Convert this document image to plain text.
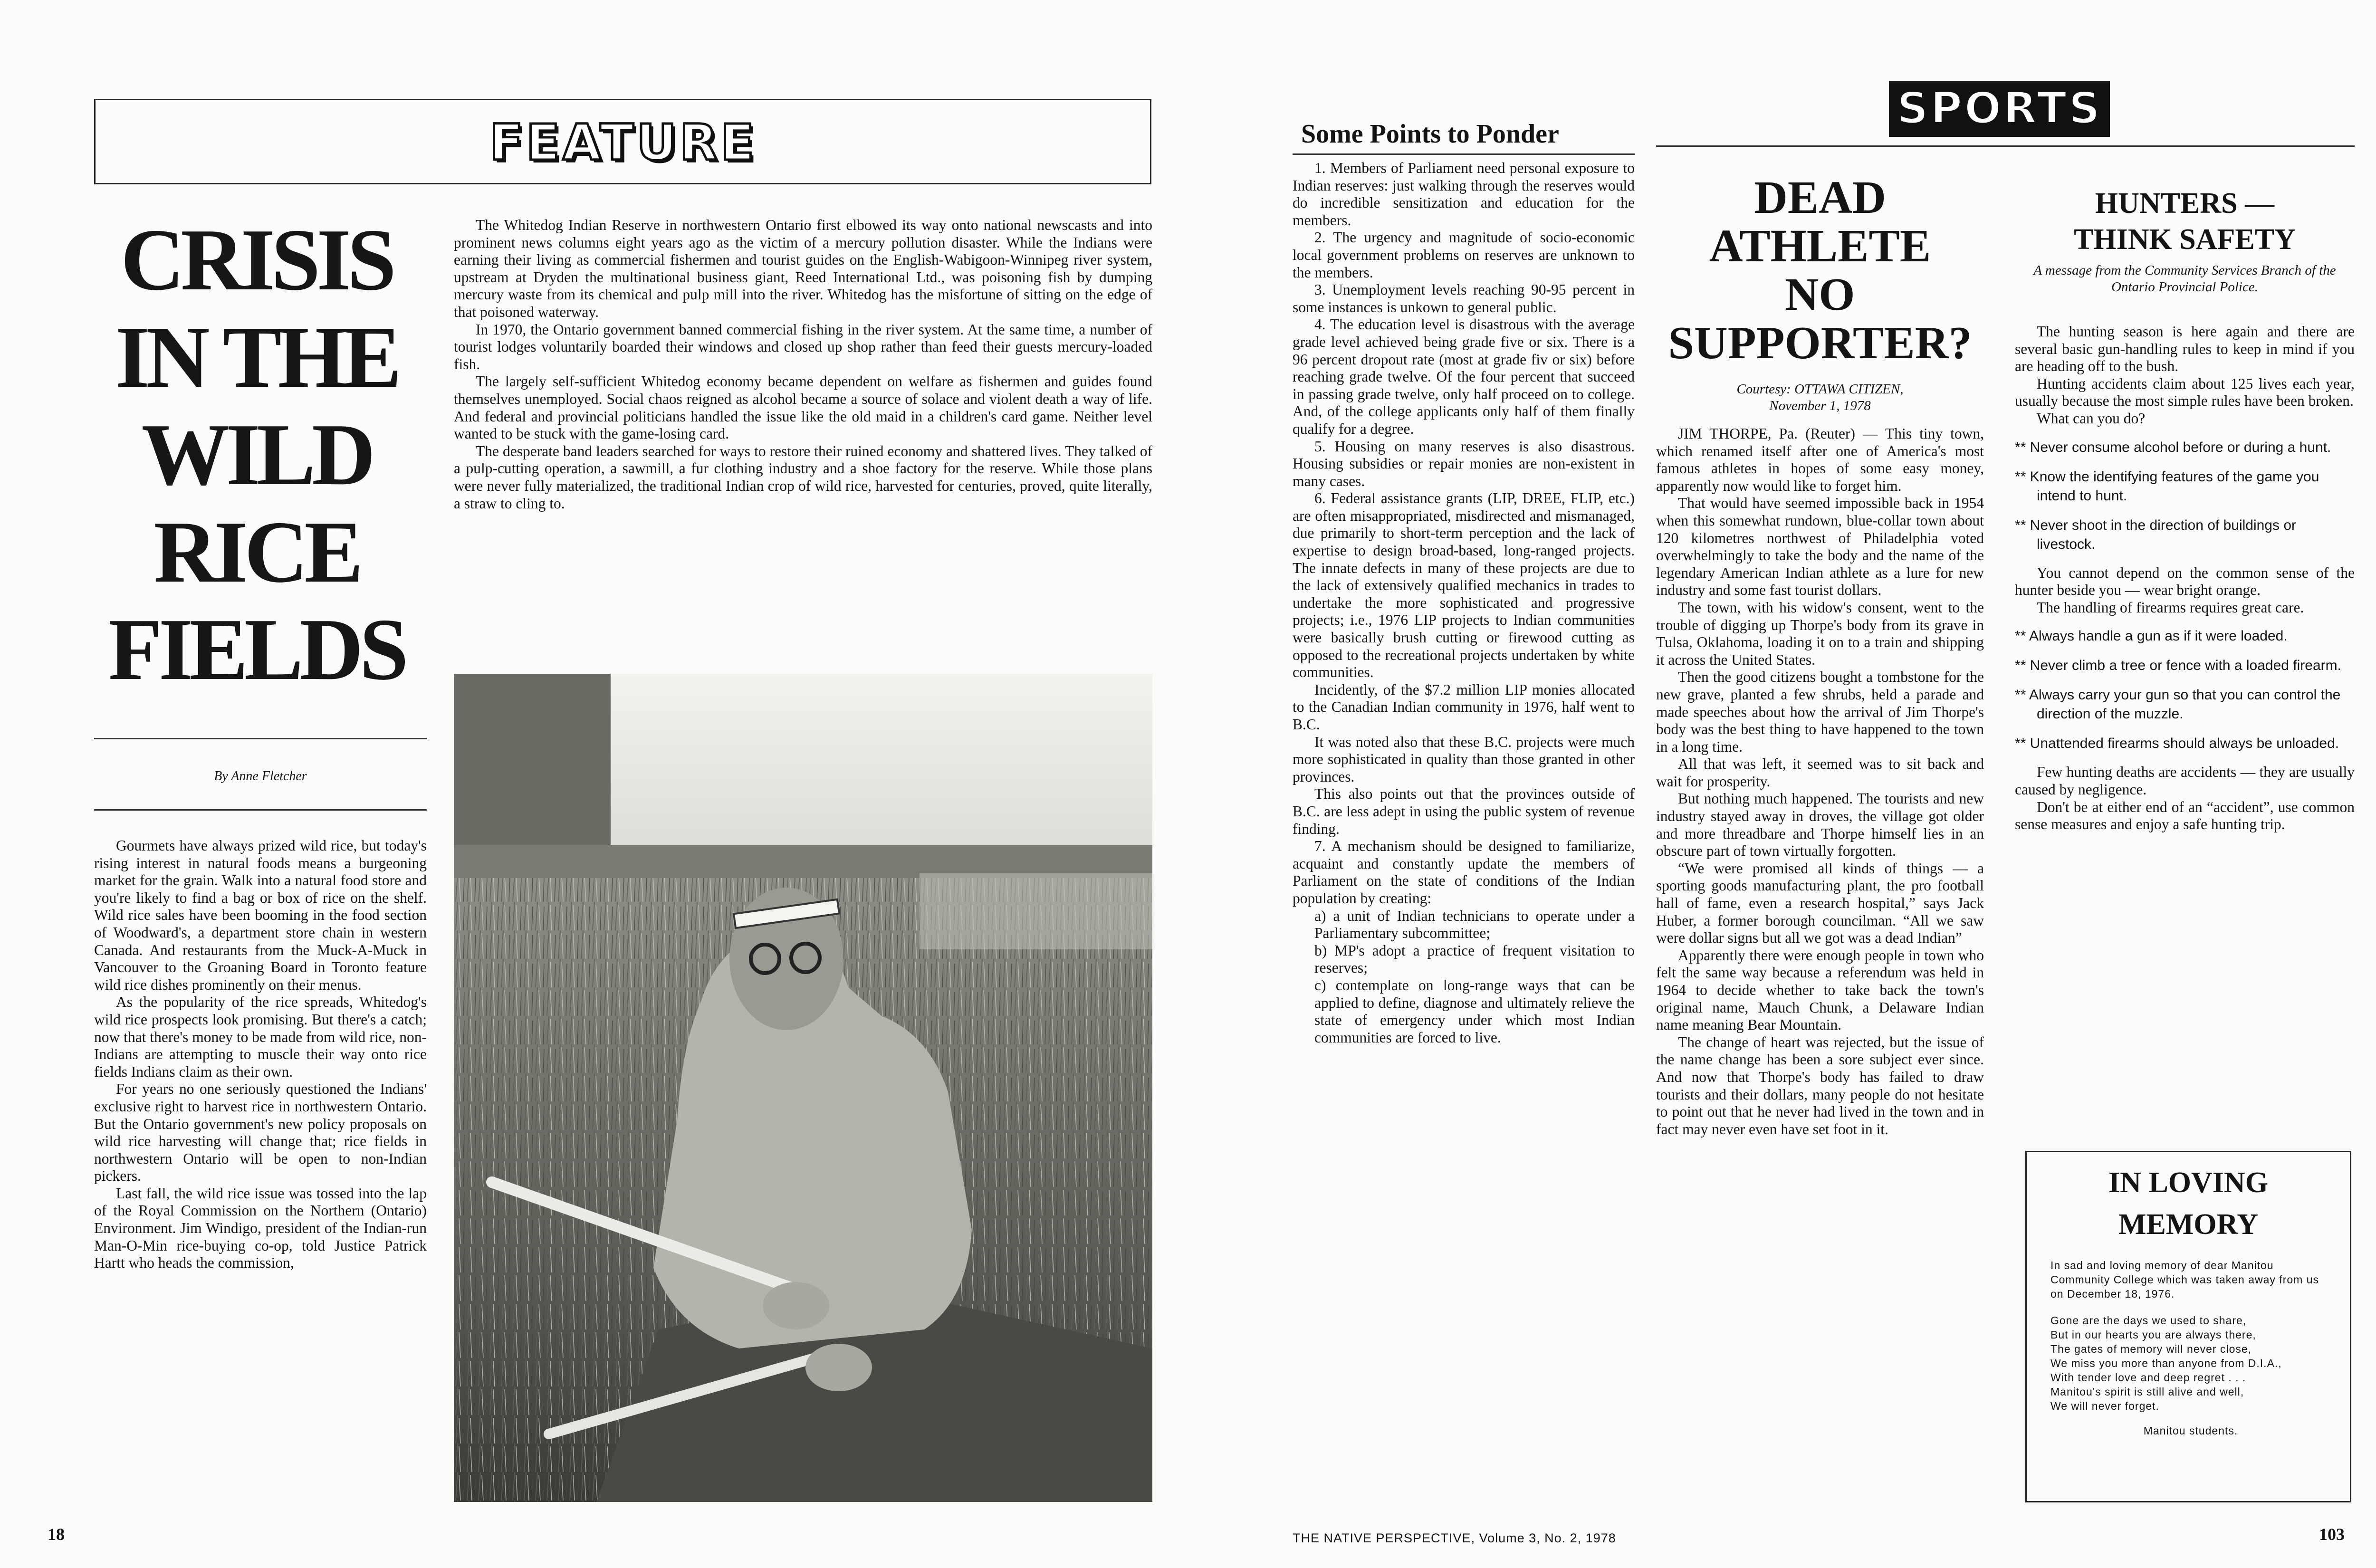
FEATURE
CRISIS
IN THE
WILD
RICE
FIELDS
By Anne Fletcher

The Whitedog Indian Reserve in northwestern Ontario first elbowed its way onto national newscasts and into prominent news columns eight years ago as the victim of a mercury pollution disaster. While the Indians were earning their living as commercial fishermen and tourist guides on the English-Wabigoon-Winnipeg river system, upstream at Dryden the multinational business giant, Reed International Ltd., was poisoning fish by dumping mercury waste from its chemical and pulp mill into the river. Whitedog has the misfortune of sitting on the edge of that poisoned waterway.

In 1970, the Ontario government banned commercial fishing in the river system. At the same time, a number of tourist lodges voluntarily boarded their windows and closed up shop rather than feed their guests mercury-loaded fish.

The largely self-sufficient Whitedog economy became dependent on welfare as fishermen and guides found themselves unemployed. Social chaos reigned as alcohol became a source of solace and violent death a way of life. And federal and provincial politicians handled the issue like the old maid in a children's card game. Neither level wanted to be stuck with the game-losing card.

The desperate band leaders searched for ways to restore their ruined economy and shattered lives. They talked of a pulp-cutting operation, a sawmill, a fur clothing industry and a shoe factory for the reserve. While those plans were never fully materialized, the traditional Indian crop of wild rice, harvested for centuries, proved, quite literally, a straw to cling to.

Gourmets have always prized wild rice, but today's rising interest in natural foods means a burgeoning market for the grain. Walk into a natural food store and you're likely to find a bag or box of rice on the shelf. Wild rice sales have been booming in the food section of Woodward's, a department store chain in western Canada. And restaurants from the Muck-A-Muck in Vancouver to the Groaning Board in Toronto feature wild rice dishes prominently on their menus.

As the popularity of the rice spreads, Whitedog's wild rice prospects look promising. But there's a catch; now that there's money to be made from wild rice, non-Indians are attempting to muscle their way onto rice fields Indians claim as their own.

For years no one seriously questioned the Indians' exclusive right to harvest rice in northwestern Ontario. But the Ontario government's new policy proposals on wild rice harvesting will change that; rice fields in northwestern Ontario will be open to non-Indian pickers.

Last fall, the wild rice issue was tossed into the lap of the Royal Commission on the Northern (Ontario) Environment. Jim Windigo, president of the Indian-run Man-O-Min rice-buying co-op, told Justice Patrick Hartt who heads the commission,

18
Some Points to Ponder
1. Members of Parliament need personal exposure to Indian reserves: just walking through the reserves would do incredible sensitization and education for the members.
2. The urgency and magnitude of socio-economic local government problems on reserves are unknown to the members.
3. Unemployment levels reaching 90-95 percent in some instances is unkown to general public.
4. The education level is disastrous with the average grade level achieved being grade five or six. There is a 96 percent dropout rate (most at grade fiv or six) before reaching grade twelve. Of the four percent that succeed in passing grade twelve, only half proceed on to college. And, of the college applicants only half of them finally qualify for a degree.
5. Housing on many reserves is also disastrous. Housing subsidies or repair monies are non-existent in many cases.
6. Federal assistance grants (LIP, DREE, FLIP, etc.) are often misappropriated, misdirected and mismanaged, due primarily to short-term perception and the lack of expertise to design broad-based, long-ranged projects. The innate defects in many of these projects are due to the lack of extensively qualified mechanics in trades to undertake the more sophisticated and progressive projects; i.e., 1976 LIP projects to Indian communities were basically brush cutting or firewood cutting as opposed to the recreational projects undertaken by white communities.
Incidently, of the $7.2 million LIP monies allocated to the Canadian Indian community in 1976, half went to B.C.
It was noted also that these B.C. projects were much more sophisticated in quality than those granted in other provinces.
This also points out that the provinces outside of B.C. are less adept in using the public system of revenue finding.
7. A mechanism should be designed to familiarize, acquaint and constantly update the members of Parliament on the state of conditions of the Indian population by creating:
a) a unit of Indian technicians to operate under a Parliamentary subcommittee;
b) MP's adopt a practice of frequent visitation to reserves;
c) contemplate on long-range ways that can be applied to define, diagnose and ultimately relieve the state of emergency under which most Indian communities are forced to live.
SPORTS
DEAD
ATHLETE
NO
SUPPORTER?
Courtesy: OTTAWA CITIZEN,
November 1, 1978

JIM THORPE, Pa. (Reuter) — This tiny town, which renamed itself after one of America's most famous athletes in hopes of some easy money, apparently now would like to forget him.

That would have seemed impossible back in 1954 when this somewhat rundown, blue-collar town about 120 kilometres northwest of Philadelphia voted overwhelmingly to take the body and the name of the legendary American Indian athlete as a lure for new industry and some fast tourist dollars.

The town, with his widow's consent, went to the trouble of digging up Thorpe's body from its grave in Tulsa, Oklahoma, loading it on to a train and shipping it across the United States.

Then the good citizens bought a tombstone for the new grave, planted a few shrubs, held a parade and made speeches about how the arrival of Jim Thorpe's body was the best thing to have happened to the town in a long time.

All that was left, it seemed was to sit back and wait for prosperity.

But nothing much happened. The tourists and new industry stayed away in droves, the village got older and more threadbare and Thorpe himself lies in an obscure part of town virtually forgotten.

“We were promised all kinds of things — a sporting goods manufacturing plant, the pro football hall of fame, even a research hospital,” says Jack Huber, a former borough councilman. “All we saw were dollar signs but all we got was a dead Indian”

Apparently there were enough people in town who felt the same way because a referendum was held in 1964 to decide whether to take back the town's original name, Mauch Chunk, a Delaware Indian name meaning Bear Mountain.

The change of heart was rejected, but the issue of the name change has been a sore subject ever since. And now that Thorpe's body has failed to draw tourists and their dollars, many people do not hesitate to point out that he never had lived in the town and in fact may never even have set foot in it.

HUNTERS —
THINK SAFETY
A message from the Community Services Branch of the Ontario Provincial Police.

The hunting season is here again and there are several basic gun-handling rules to keep in mind if you are heading off to the bush.

Hunting accidents claim about 125 lives each year, usually because the most simple rules have been broken.

What can you do?

** Never consume alcohol before or during a hunt.
** Know the identifying features of the game you intend to hunt.
** Never shoot in the direction of buildings or livestock.

You cannot depend on the common sense of the hunter beside you — wear bright orange.

The handling of firearms requires great care.

** Always handle a gun as if it were loaded.
** Never climb a tree or fence with a loaded firearm.
** Always carry your gun so that you can control the direction of the muzzle.
** Unattended firearms should always be unloaded.

Few hunting deaths are accidents — they are usually caused by negligence.

Don't be at either end of an “accident”, use common sense measures and enjoy a safe hunting trip.

IN LOVING
MEMORY
In sad and loving memory of dear Manitou Community College which was taken away from us on December 18, 1976.
Gone are the days we used to share,
But in our hearts you are always there,
The gates of memory will never close,
We miss you more than anyone from D.I.A.,
With tender love and deep regret . . .
Manitou's spirit is still alive and well,
We will never forget.
Manitou students.
THE NATIVE PERSPECTIVE, Volume 3, No. 2, 1978	103
